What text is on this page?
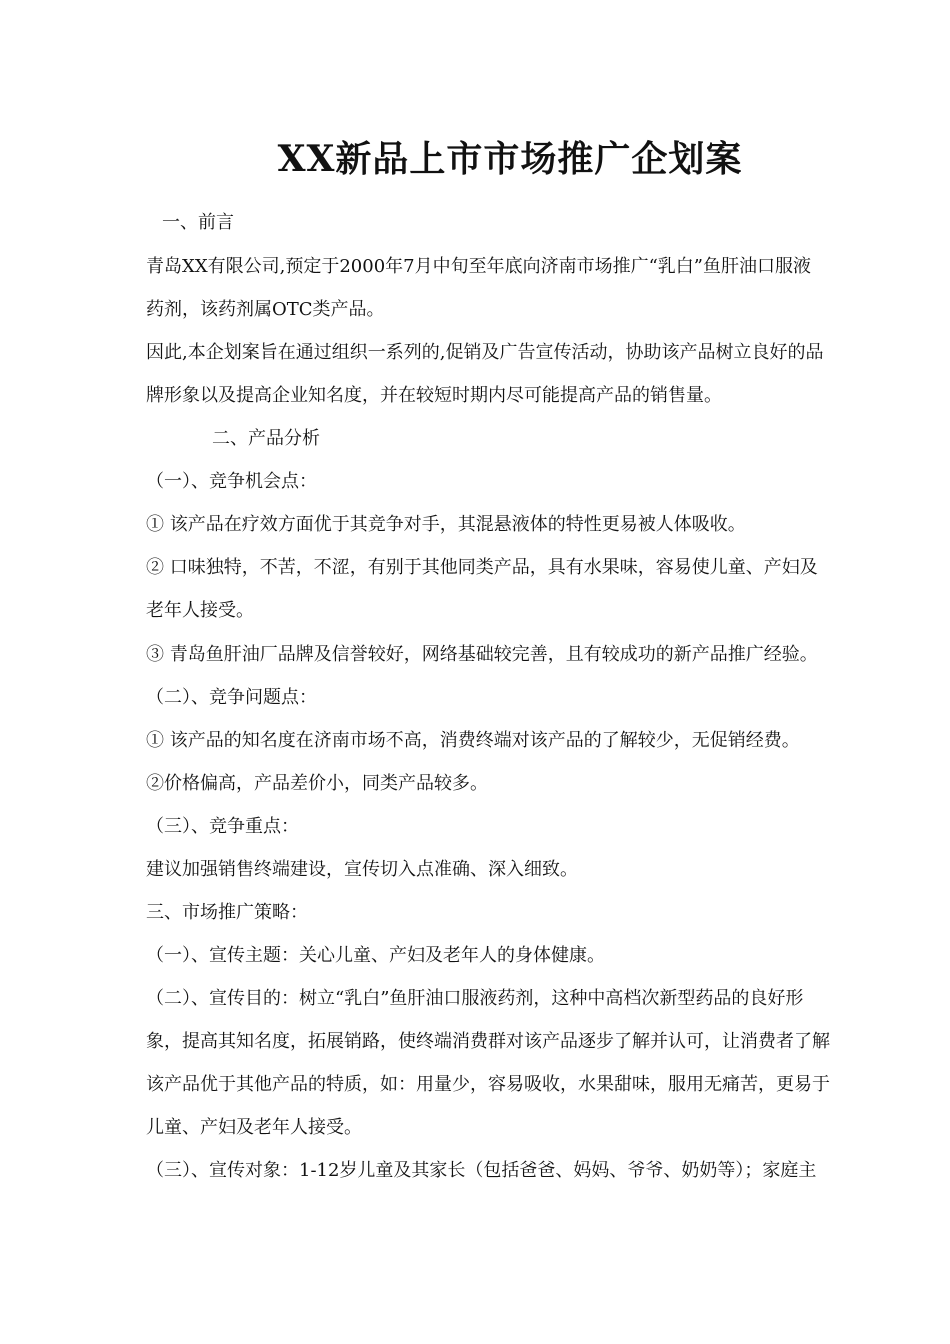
XX新品上市市场推广企划案
一、前言
青岛XX有限公司,预定于2000年7月中旬至年底向济南市场推广“乳白”鱼肝油口服液
药剂，该药剂属OTC类产品。
因此,本企划案旨在通过组织一系列的,促销及广告宣传活动，协助该产品树立良好的品
牌形象以及提高企业知名度，并在较短时期内尽可能提高产品的销售量。
二、产品分析
（一）、竞争机会点：
① 该产品在疗效方面优于其竞争对手，其混悬液体的特性更易被人体吸收。
② 口味独特，不苦，不涩，有别于其他同类产品，具有水果味，容易使儿童、产妇及
老年人接受。
③ 青岛鱼肝油厂品牌及信誉较好，网络基础较完善，且有较成功的新产品推广经验。
（二）、竞争问题点：
① 该产品的知名度在济南市场不高，消费终端对该产品的了解较少，无促销经费。
②价格偏高，产品差价小，同类产品较多。
（三）、竞争重点：
建议加强销售终端建设，宣传切入点准确、深入细致。
三、市场推广策略：
（一）、宣传主题：关心儿童、产妇及老年人的身体健康。
（二）、宣传目的：树立“乳白”鱼肝油口服液药剂，这种中高档次新型药品的良好形
象，提高其知名度，拓展销路，使终端消费群对该产品逐步了解并认可，让消费者了解
该产品优于其他产品的特质，如：用量少，容易吸收，水果甜味，服用无痛苦，更易于
儿童、产妇及老年人接受。
（三）、宣传对象：1-12岁儿童及其家长（包括爸爸、妈妈、爷爷、奶奶等）；家庭主
